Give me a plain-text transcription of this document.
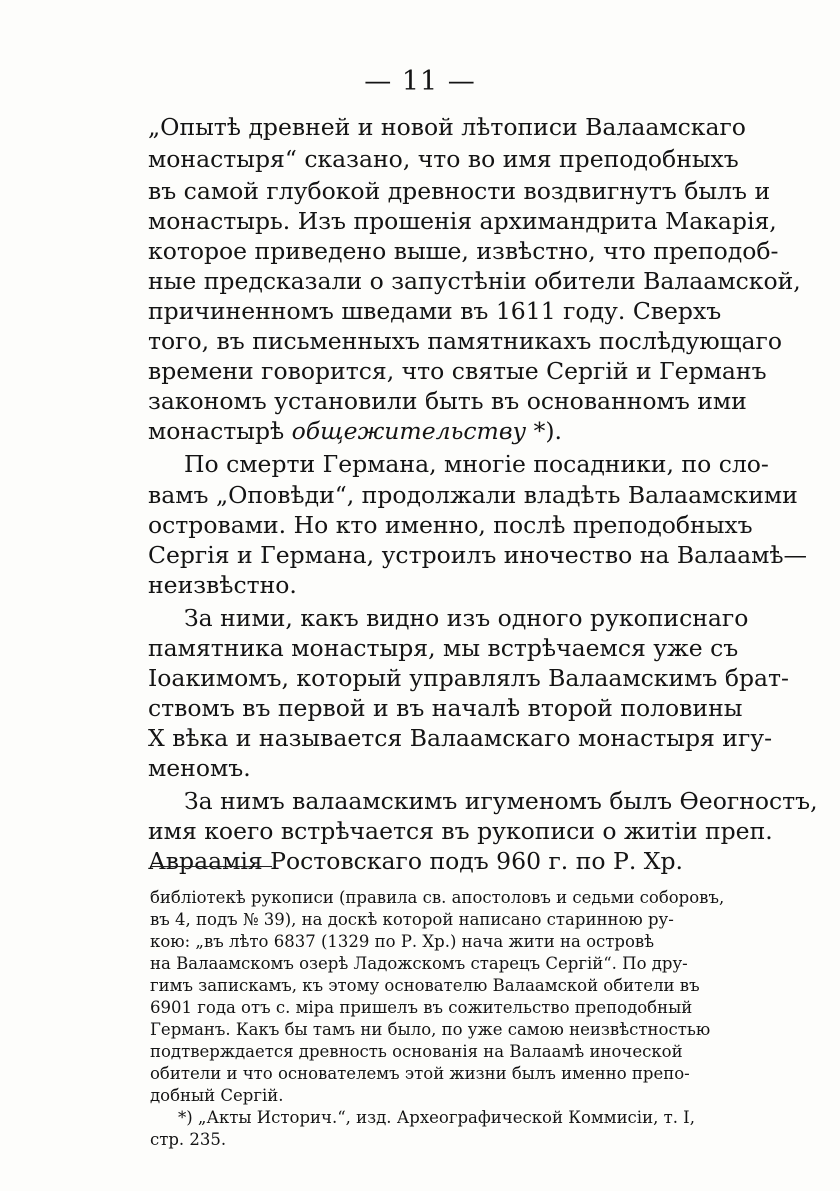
— 11 —

„Опытѣ древней и новой лѣтописи Валаамскаго

монастыря“ сказано, что во имя преподобныхъ

въ самой глубокой древности воздвигнутъ былъ и

монастырь. Изъ прошенія архимандрита Макарія,

которое приведено выше, извѣстно, что преподоб-

ные предсказали о запустѣніи обители Валаамской,

причиненномъ шведами въ 1611 году. Сверхъ

того, въ письменныхъ памятникахъ послѣдующаго

времени говорится, что святые Сергій и Германъ

закономъ установили быть въ основанномъ ими

монастырѣ общежительству *).

По смерти Германа, многіе посадники, по сло-

вамъ „Оповѣди“, продолжали владѣть Валаамскими

островами. Но кто именно, послѣ преподобныхъ

Сергія и Германа, устроилъ иночество на Валаамѣ—

неизвѣстно.

За ними, какъ видно изъ одного рукописнаго

памятника монастыря, мы встрѣчаемся уже съ

Іоакимомъ, который управлялъ Валаамскимъ брат-

ствомъ въ первой и въ началѣ второй половины

X вѣка и называется Валаамскаго монастыря игу-

меномъ.

За нимъ валаамскимъ игуменомъ былъ Ѳеогностъ,

имя коего встрѣчается въ рукописи о житіи преп.

Авраамія Ростовскаго подъ 960 г. по Р. Хр.

библіотекѣ рукописи (правила св. апостоловъ и седьми соборовъ,

въ 4, подъ № 39), на доскѣ которой написано старинною ру-

кою: „въ лѣто 6837 (1329 по Р. Хр.) нача жити на островѣ

на Валаамскомъ озерѣ Ладожскомъ старецъ Сергій“. По дру-

гимъ запискамъ, къ этому основателю Валаамской обители въ

6901 года отъ с. міра пришелъ въ сожительство преподобный

Германъ. Какъ бы тамъ ни было, по уже самою неизвѣстностью

подтверждается древность основанія на Валаамѣ иноческой

обители и что основателемъ этой жизни былъ именно препо-

добный Сергій.

*) „Акты Историч.“, изд. Археографической Коммисіи, т. I,

стр. 235.
